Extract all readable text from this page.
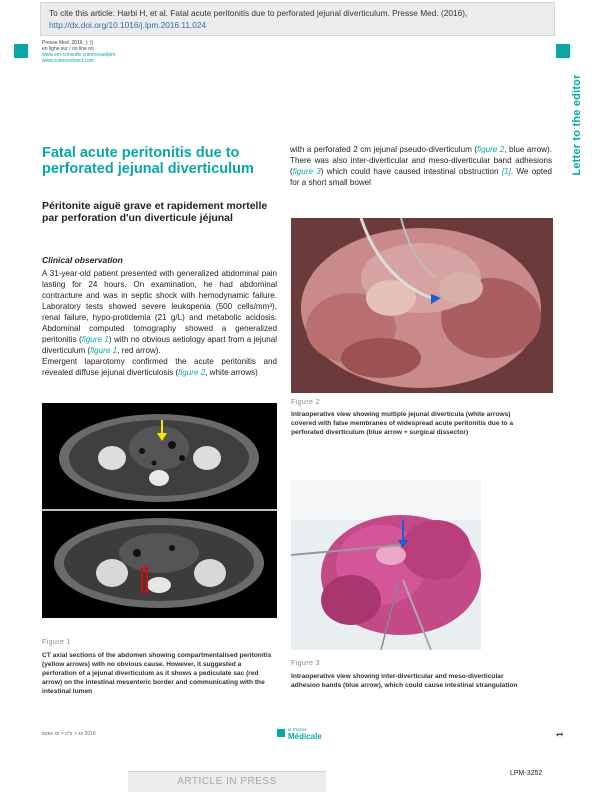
To cite this article: Harbi H, et al. Fatal acute peritonitis due to perforated jejunal diverticulum. Presse Med. (2016), http://dx.doi.org/10.1016/j.lpm.2016.11.024
Presse Med. 2016; ): ))
en ligne sur / on line on
www.em-consulte.com/revue/lpm
www.sciencedirect.com
Letter to the editor
Fatal acute peritonitis due to perforated jejunal diverticulum
Péritonite aiguë grave et rapidement mortelle par perforation d'un diverticule jéjunal
Clinical observation
A 31-year-old patient presented with generalized abdominal pain lasting for 24 hours. On examination, he had abdominal contracture and was in septic shock with hemodynamic failure. Laboratory tests showed severe leukopenia (500 cells/mm³), renal failure, hypo-protidemia (21 g/L) and metabolic acidosis. Abdominal computed tomography showed a generalized peritonitis (figure 1) with no obvious aetiology apart from a jejunal diverticulum (figure 1, red arrow).
Emergent laparotomy confirmed the acute peritonitis and revealed diffuse jejunal diverticulosis (figure 2, white arrows)
with a perforated 2 cm jejunal pseudo-diverticulum (figure 2, blue arrow). There was also inter-diverticular and meso-diverticular band adhesions (figure 3) which could have caused intestinal obstruction [1]. We opted for a short small bowel
Figure 1
CT axial sections of the abdomen showing compartmentalised peritonitis (yellow arrows) with no obvious cause. However, it suggested a perforation of a jejunal diverticulum as it shows a pediculate sac (red arrow) on the intestinal mesenteric border and communicating with the intestinal lumen
Figure 2
Intraoperative view showing multiple jejunal diverticula (white arrows) covered with false membranes of widespread acute peritonitis due to a perforated diverticulum (blue arrow + surgical dissector)
Figure 3
Intraoperative view showing inter-diverticular and meso-diverticular adhesion bands (blue arrow), which could cause intestinal strangulation
tome xx > n°x > xx 2016
la Presse
Médicale	1
ARTICLE IN PRESS
LPM-3252
